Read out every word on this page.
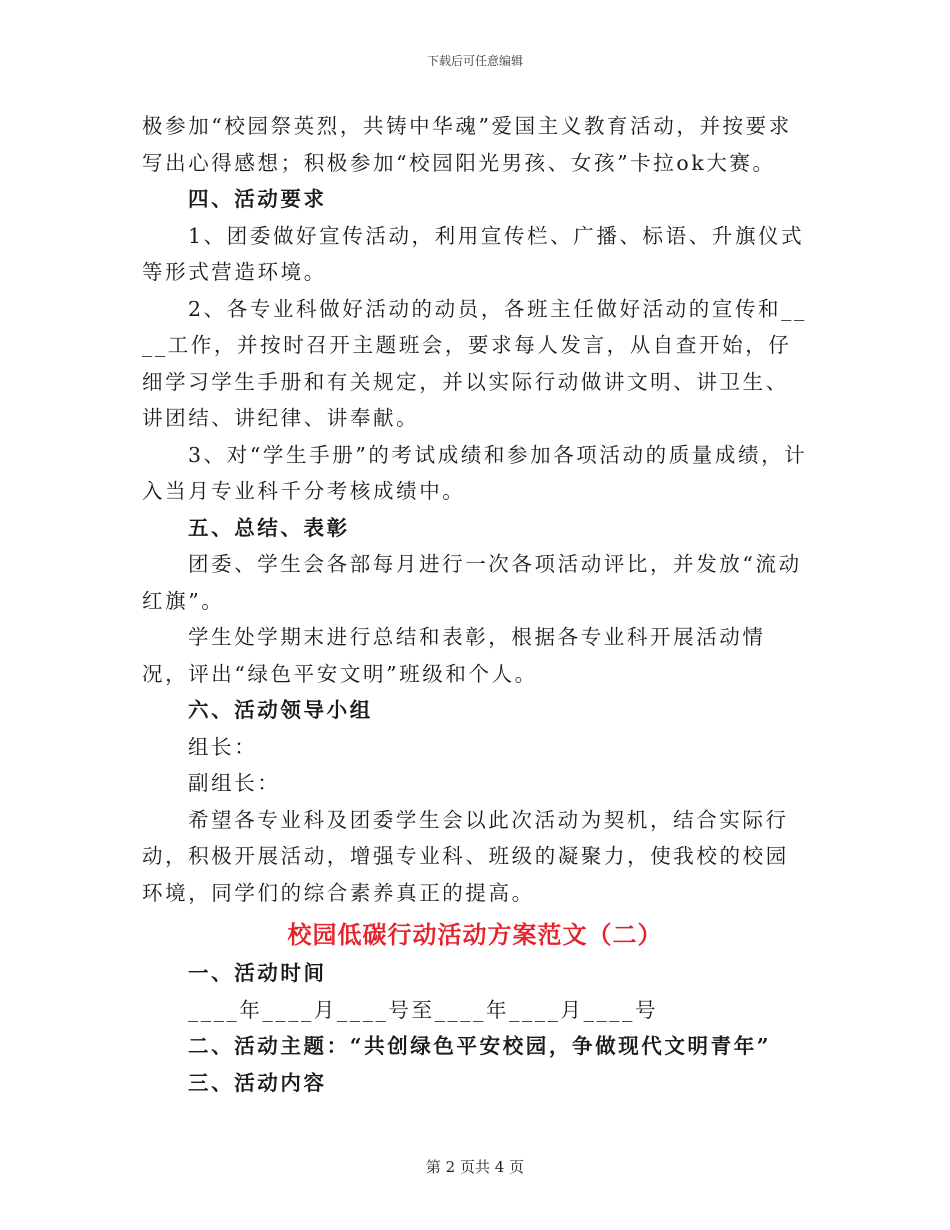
下载后可任意编辑

极参加“校园祭英烈，共铸中华魂”爱国主义教育活动，并按要求写出心得感想；积极参加“校园阳光男孩、女孩”卡拉ok大赛。

四、活动要求

1、团委做好宣传活动，利用宣传栏、广播、标语、升旗仪式等形式营造环境。

2、各专业科做好活动的动员，各班主任做好活动的宣传和____工作，并按时召开主题班会，要求每人发言，从自查开始，仔细学习学生手册和有关规定，并以实际行动做讲文明、讲卫生、讲团结、讲纪律、讲奉献。

3、对“学生手册”的考试成绩和参加各项活动的质量成绩，计入当月专业科千分考核成绩中。

五、总结、表彰

团委、学生会各部每月进行一次各项活动评比，并发放“流动红旗”。

学生处学期末进行总结和表彰，根据各专业科开展活动情况，评出“绿色平安文明”班级和个人。

六、活动领导小组

组长：

副组长：

希望各专业科及团委学生会以此次活动为契机，结合实际行动，积极开展活动，增强专业科、班级的凝聚力，使我校的校园环境，同学们的综合素养真正的提高。

校园低碳行动活动方案范文（二）

一、活动时间

____年____月____号至____年____月____号

二、活动主题：“共创绿色平安校园，争做现代文明青年”

三、活动内容

第 2 页共 4 页
